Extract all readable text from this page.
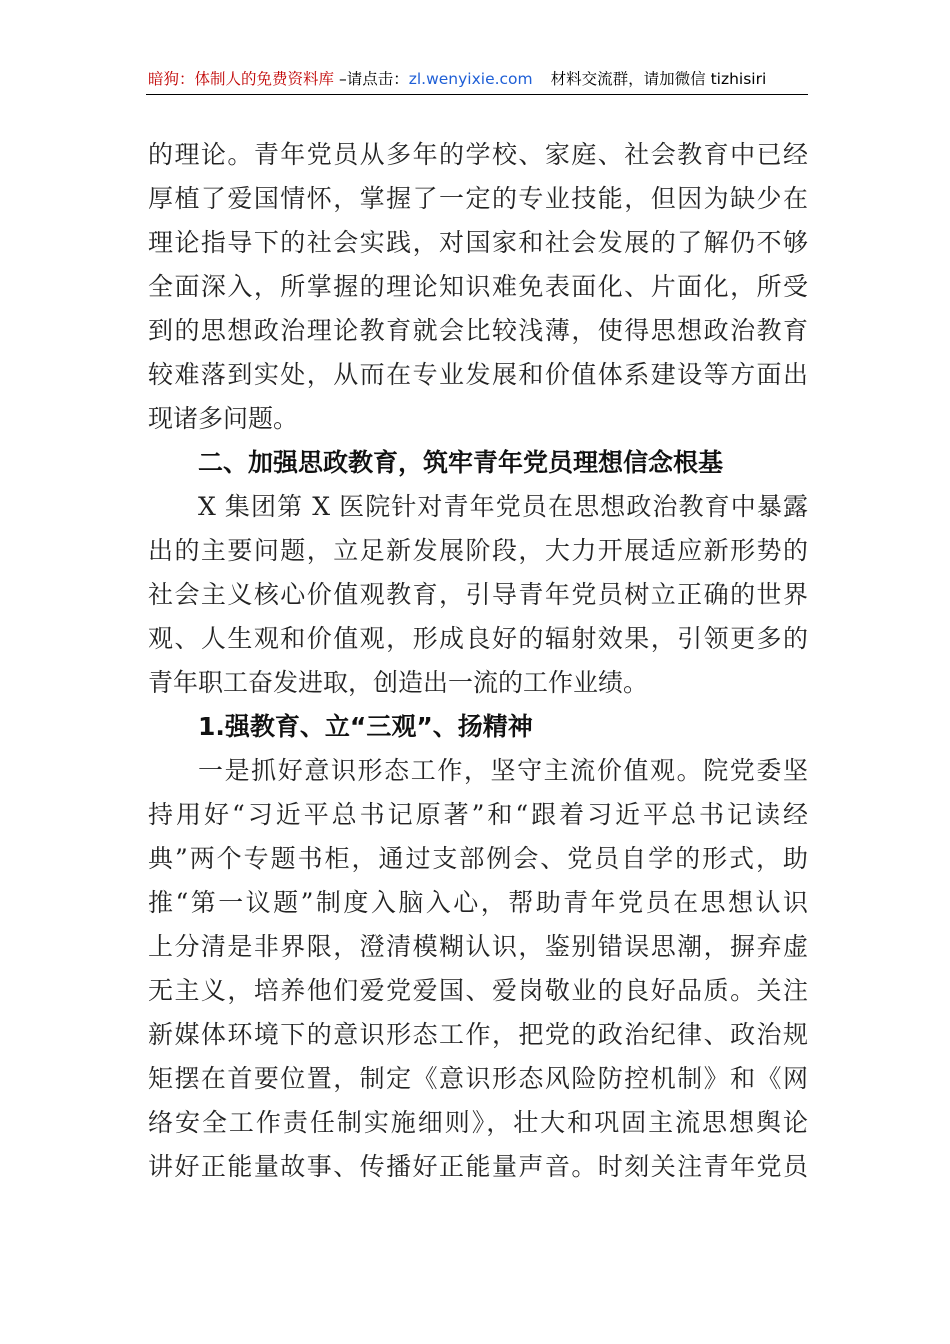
暗狗：体制人的免费资料库 –请点击：zl.wenyixie.com 材料交流群，请加微信 tizhisiri
的理论。青年党员从多年的学校、家庭、社会教育中已经
厚植了爱国情怀，掌握了一定的专业技能，但因为缺少在
理论指导下的社会实践，对国家和社会发展的了解仍不够
全面深入，所掌握的理论知识难免表面化、片面化，所受
到的思想政治理论教育就会比较浅薄，使得思想政治教育
较难落到实处，从而在专业发展和价值体系建设等方面出
现诸多问题。
二、加强思政教育，筑牢青年党员理想信念根基
X 集团第 X 医院针对青年党员在思想政治教育中暴露
出的主要问题，立足新发展阶段，大力开展适应新形势的
社会主义核心价值观教育，引导青年党员树立正确的世界
观、人生观和价值观，形成良好的辐射效果，引领更多的
青年职工奋发进取，创造出一流的工作业绩。
1.强教育、立“三观”、扬精神
一是抓好意识形态工作，坚守主流价值观。院党委坚
持用好“习近平总书记原著”和“跟着习近平总书记读经
典”两个专题书柜，通过支部例会、党员自学的形式，助
推“第一议题”制度入脑入心，帮助青年党员在思想认识
上分清是非界限，澄清模糊认识，鉴别错误思潮，摒弃虚
无主义，培养他们爱党爱国、爱岗敬业的良好品质。关注
新媒体环境下的意识形态工作，把党的政治纪律、政治规
矩摆在首要位置，制定《意识形态风险防控机制》和《网
络安全工作责任制实施细则》，壮大和巩固主流思想舆论
讲好正能量故事、传播好正能量声音。时刻关注青年党员
